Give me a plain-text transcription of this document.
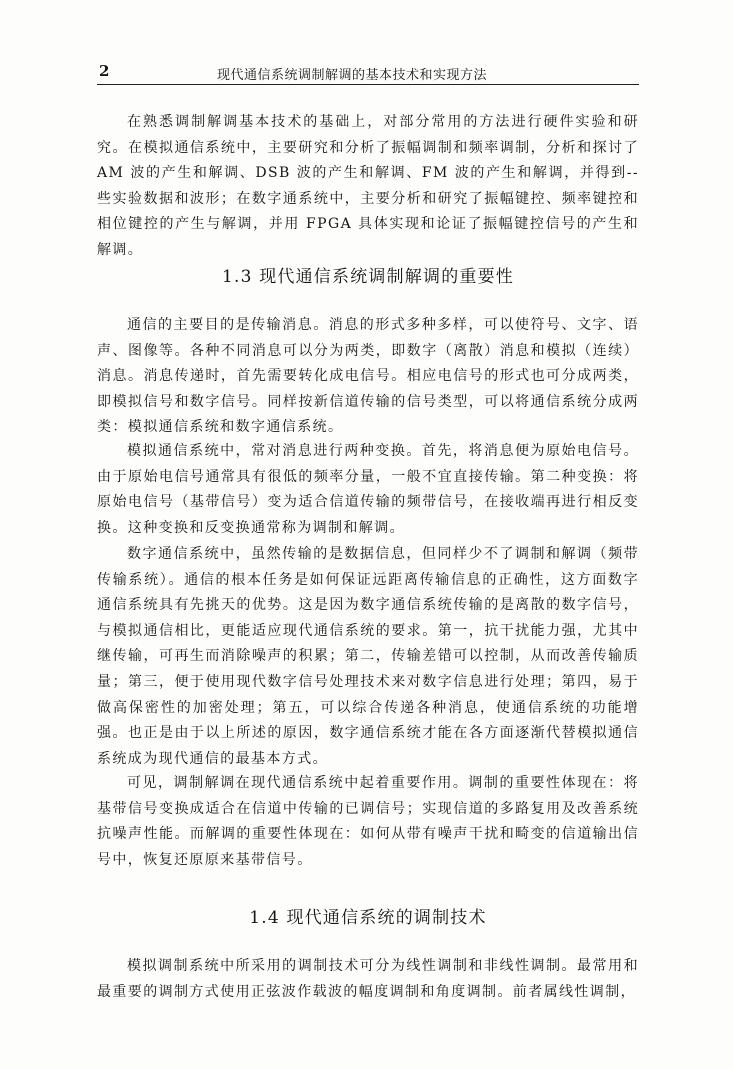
2	现代通信系统调制解调的基本技术和实现方法

在熟悉调制解调基本技术的基础上，对部分常用的方法进行硬件实验和研究。在模拟通信系统中，主要研究和分析了振幅调制和频率调制，分析和探讨了 AM 波的产生和解调、DSB 波的产生和解调、FM 波的产生和解调，并得到--些实验数据和波形；在数字通系统中，主要分析和研究了振幅键控、频率键控和相位键控的产生与解调，并用 FPGA 具体实现和论证了振幅键控信号的产生和解调。

1.3 现代通信系统调制解调的重要性

通信的主要目的是传输消息。消息的形式多种多样，可以使符号、文字、语声、图像等。各种不同消息可以分为两类，即数字（离散）消息和模拟（连续）消息。消息传递时，首先需要转化成电信号。相应电信号的形式也可分成两类，即模拟信号和数字信号。同样按新信道传输的信号类型，可以将通信系统分成两类：模拟通信系统和数字通信系统。

模拟通信系统中，常对消息进行两种变换。首先，将消息便为原始电信号。由于原始电信号通常具有很低的频率分量，一般不宜直接传输。第二种变换：将原始电信号（基带信号）变为适合信道传输的频带信号，在接收端再进行相反变换。这种变换和反变换通常称为调制和解调。

数字通信系统中，虽然传输的是数据信息，但同样少不了调制和解调（频带传输系统）。通信的根本任务是如何保证远距离传输信息的正确性，这方面数字通信系统具有先挑天的优势。这是因为数字通信系统传输的是离散的数字信号，与模拟通信相比，更能适应现代通信系统的要求。第一，抗干扰能力强，尤其中继传输，可再生而消除噪声的积累；第二，传输差错可以控制，从而改善传输质量；第三，便于使用现代数字信号处理技术来对数字信息进行处理；第四，易于做高保密性的加密处理；第五，可以综合传递各种消息，使通信系统的功能增强。也正是由于以上所述的原因，数字通信系统才能在各方面逐渐代替模拟通信系统成为现代通信的最基本方式。

可见，调制解调在现代通信系统中起着重要作用。调制的重要性体现在：将基带信号变换成适合在信道中传输的已调信号；实现信道的多路复用及改善系统抗噪声性能。而解调的重要性体现在：如何从带有噪声干扰和畸变的信道输出信号中，恢复还原原来基带信号。

1.4 现代通信系统的调制技术

模拟调制系统中所采用的调制技术可分为线性调制和非线性调制。最常用和最重要的调制方式使用正弦波作载波的幅度调制和角度调制。前者属线性调制，
